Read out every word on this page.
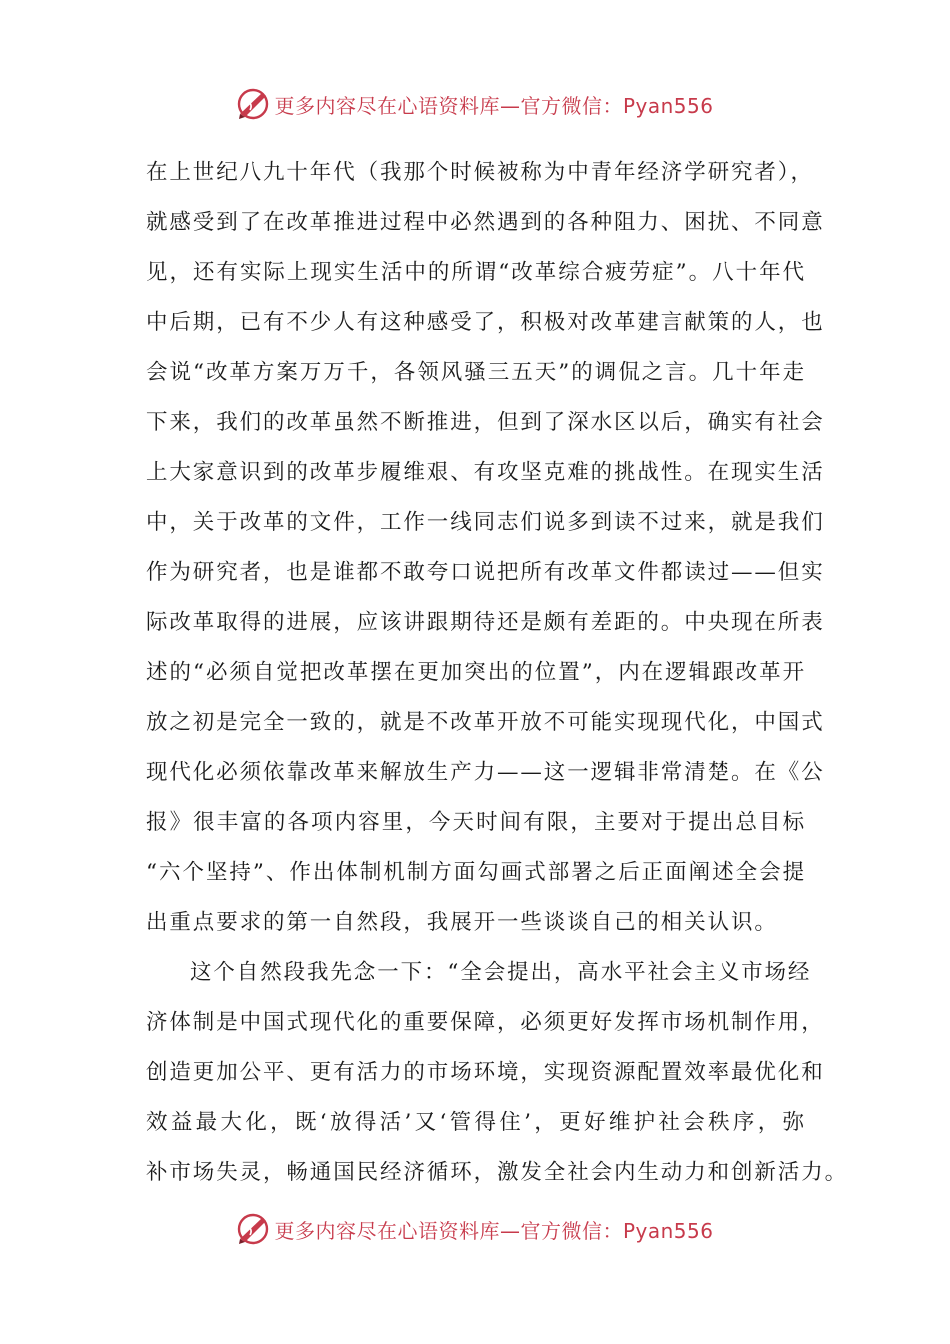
更多内容尽在心语资料库—官方微信：Pyan556
在上世纪八九十年代（我那个时候被称为中青年经济学研究者），
就感受到了在改革推进过程中必然遇到的各种阻力、困扰、不同意
见，还有实际上现实生活中的所谓“改革综合疲劳症”。八十年代
中后期，已有不少人有这种感受了，积极对改革建言献策的人，也
会说“改革方案万万千，各领风骚三五天”的调侃之言。几十年走
下来，我们的改革虽然不断推进，但到了深水区以后，确实有社会
上大家意识到的改革步履维艰、有攻坚克难的挑战性。在现实生活
中，关于改革的文件，工作一线同志们说多到读不过来，就是我们
作为研究者，也是谁都不敢夸口说把所有改革文件都读过——但实
际改革取得的进展，应该讲跟期待还是颇有差距的。中央现在所表
述的“必须自觉把改革摆在更加突出的位置”，内在逻辑跟改革开
放之初是完全一致的，就是不改革开放不可能实现现代化，中国式
现代化必须依靠改革来解放生产力——这一逻辑非常清楚。在《公
报》很丰富的各项内容里，今天时间有限，主要对于提出总目标
“六个坚持”、作出体制机制方面勾画式部署之后正面阐述全会提
出重点要求的第一自然段，我展开一些谈谈自己的相关认识。
这个自然段我先念一下：“全会提出，高水平社会主义市场经
济体制是中国式现代化的重要保障，必须更好发挥市场机制作用，
创造更加公平、更有活力的市场环境，实现资源配置效率最优化和
效益最大化，既‘放得活’又‘管得住’，更好维护社会秩序，弥
补市场失灵，畅通国民经济循环，激发全社会内生动力和创新活力。
更多内容尽在心语资料库—官方微信：Pyan556
